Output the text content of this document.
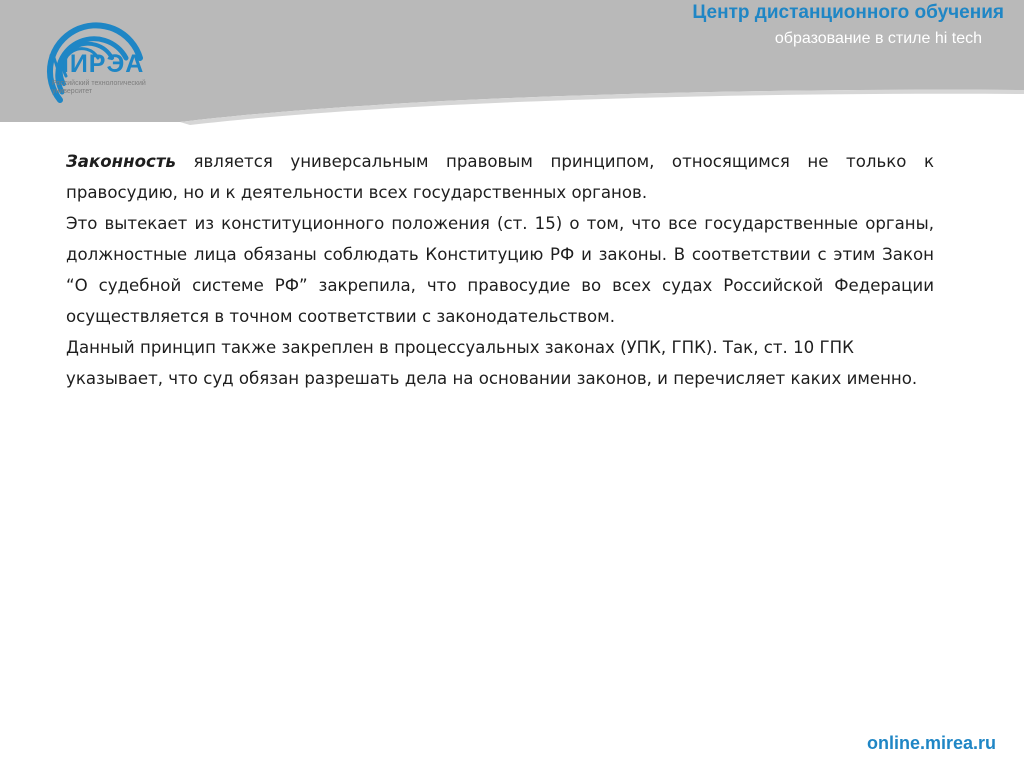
МИРЭА
Российский технологический университет
Центр дистанционного обучения
образование в стиле hi tech

Законность является универсальным правовым принципом, относящимся не только к правосудию, но и к деятельности всех государственных органов.

Это вытекает из конституционного положения (ст. 15) о том, что все государственные органы, должностные лица обязаны соблюдать Конституцию РФ и законы. В соответствии с этим Закон “О судебной системе РФ” закрепила, что правосудие во всех судах Российской Федерации осуществляется в точном соответствии с законодательством.

Данный принцип также закреплен в процессуальных законах (УПК, ГПК). Так, ст. 10 ГПК указывает, что суд обязан разрешать дела на основании законов, и перечисляет каких именно.

online.mirea.ru
